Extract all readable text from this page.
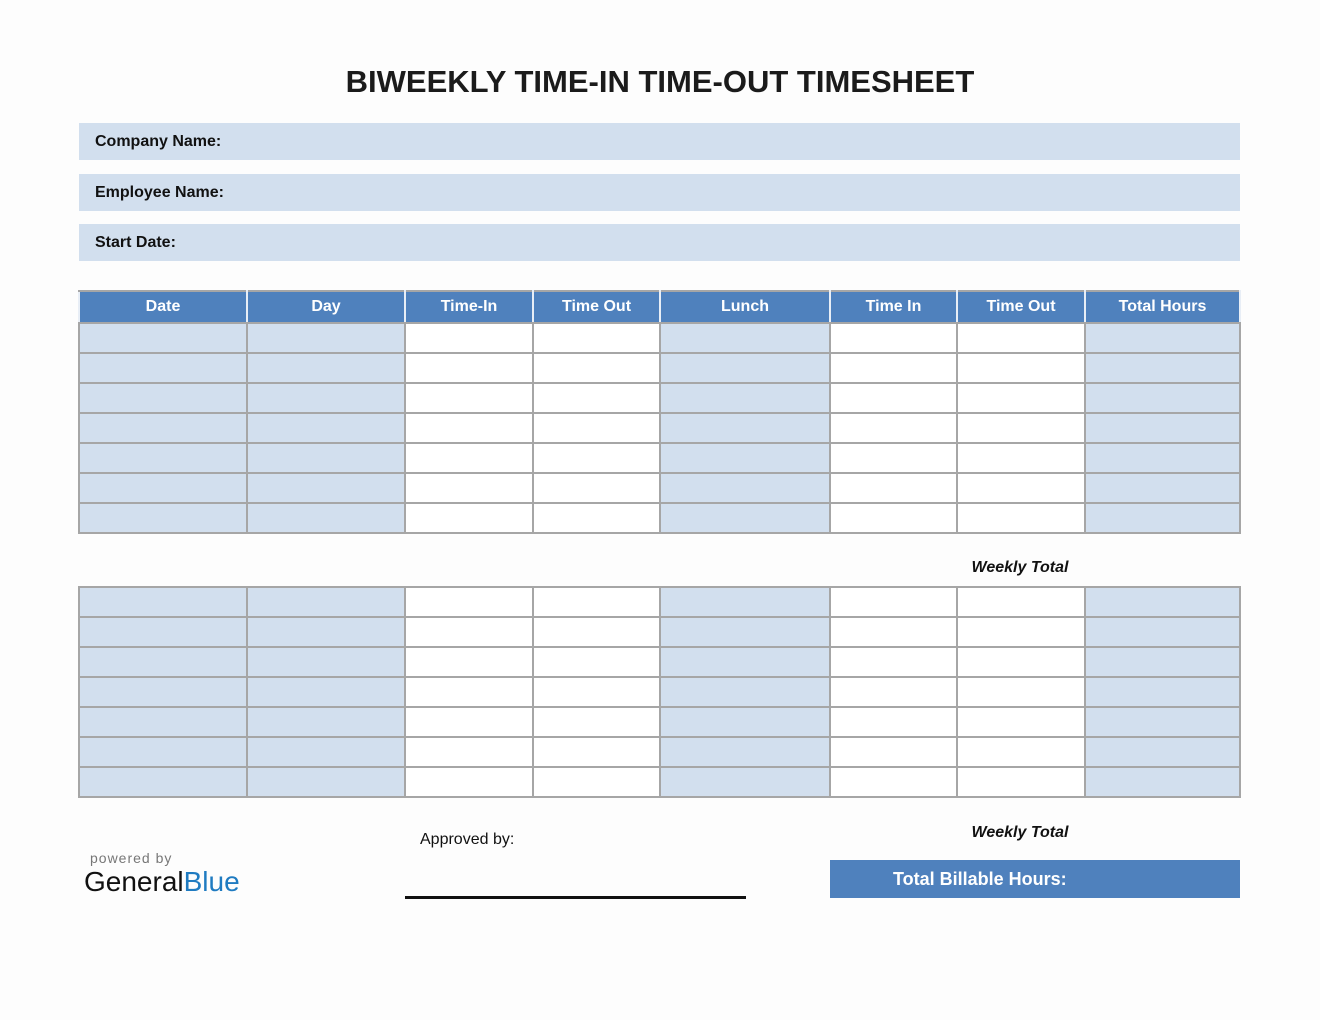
BIWEEKLY TIME-IN TIME-OUT TIMESHEET
Company Name:
Employee Name:
Start Date:
Date	Day	Time-In	Time Out	Lunch	Time In	Time Out	Total Hours

Weekly Total

Weekly Total
Approved by:
Total Billable Hours:
powered by
GeneralBlue
